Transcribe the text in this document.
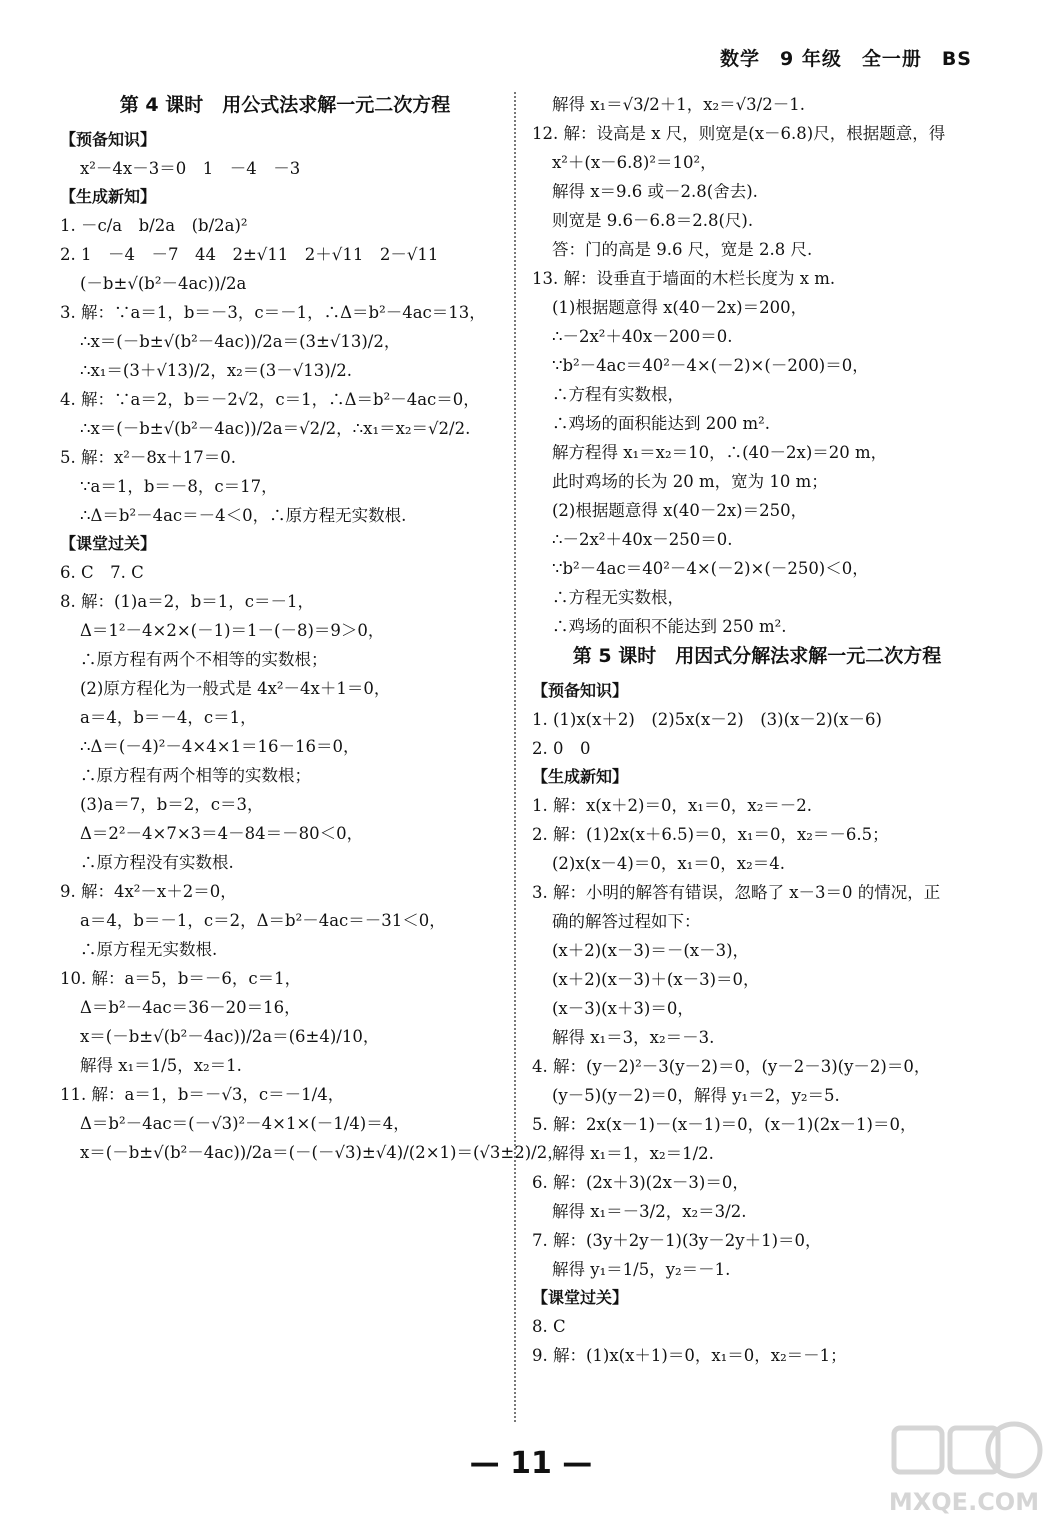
数学　9 年级　全一册　BS
第 4 课时　用公式法求解一元二次方程
【预备知识】
x²－4x－3＝0　1　－4　－3
【生成新知】
1. －c/a　b/2a　(b/2a)²
2. 1　－4　－7　44　2±√11　2＋√11　2－√11
(－b±√(b²－4ac))/2a
3. 解：∵a＝1，b＝－3，c＝－1，∴Δ＝b²－4ac＝13，
∴x＝(－b±√(b²－4ac))/2a＝(3±√13)/2，
∴x₁＝(3＋√13)/2，x₂＝(3－√13)/2.
4. 解：∵a＝2，b＝－2√2，c＝1，∴Δ＝b²－4ac＝0，
∴x＝(－b±√(b²－4ac))/2a＝√2/2，∴x₁＝x₂＝√2/2.
5. 解：x²－8x＋17＝0.
∵a＝1，b＝－8，c＝17，
∴Δ＝b²－4ac＝－4＜0，∴原方程无实数根.
【课堂过关】
6. C　7. C
8. 解：(1)a＝2，b＝1，c＝－1，
Δ＝1²－4×2×(－1)＝1－(－8)＝9＞0，
∴原方程有两个不相等的实数根；
(2)原方程化为一般式是 4x²－4x＋1＝0，
a＝4，b＝－4，c＝1，
∴Δ＝(－4)²－4×4×1＝16－16＝0，
∴原方程有两个相等的实数根；
(3)a＝7，b＝2，c＝3，
Δ＝2²－4×7×3＝4－84＝－80＜0，
∴原方程没有实数根.
9. 解：4x²－x＋2＝0，
a＝4，b＝－1，c＝2，Δ＝b²－4ac＝－31＜0，
∴原方程无实数根.
10. 解：a＝5，b＝－6，c＝1，
Δ＝b²－4ac＝36－20＝16，
x＝(－b±√(b²－4ac))/2a＝(6±4)/10，
解得 x₁＝1/5，x₂＝1.
11. 解：a＝1，b＝－√3，c＝－1/4，
Δ＝b²－4ac＝(－√3)²－4×1×(－1/4)＝4，
x＝(－b±√(b²－4ac))/2a＝(－(－√3)±√4)/(2×1)＝(√3±2)/2，
解得 x₁＝√3/2＋1，x₂＝√3/2－1.
12. 解：设高是 x 尺，则宽是(x－6.8)尺，根据题意，得
x²＋(x－6.8)²＝10²，
解得 x＝9.6 或－2.8(舍去).
则宽是 9.6－6.8＝2.8(尺).
答：门的高是 9.6 尺，宽是 2.8 尺.
13. 解：设垂直于墙面的木栏长度为 x m.
(1)根据题意得 x(40－2x)＝200，
∴－2x²＋40x－200＝0.
∵b²－4ac＝40²－4×(－2)×(－200)＝0，
∴方程有实数根，
∴鸡场的面积能达到 200 m².
解方程得 x₁＝x₂＝10，∴(40－2x)＝20 m，
此时鸡场的长为 20 m，宽为 10 m；
(2)根据题意得 x(40－2x)＝250，
∴－2x²＋40x－250＝0.
∵b²－4ac＝40²－4×(－2)×(－250)＜0，
∴方程无实数根，
∴鸡场的面积不能达到 250 m².
第 5 课时　用因式分解法求解一元二次方程
【预备知识】
1. (1)x(x＋2)　(2)5x(x－2)　(3)(x－2)(x－6)
2. 0　0
【生成新知】
1. 解：x(x＋2)＝0，x₁＝0，x₂＝－2.
2. 解：(1)2x(x＋6.5)＝0，x₁＝0，x₂＝－6.5；
(2)x(x－4)＝0，x₁＝0，x₂＝4.
3. 解：小明的解答有错误，忽略了 x－3＝0 的情况，正
确的解答过程如下：
(x＋2)(x－3)＝－(x－3)，
(x＋2)(x－3)＋(x－3)＝0，
(x－3)(x＋3)＝0，
解得 x₁＝3，x₂＝－3.
4. 解：(y－2)²－3(y－2)＝0，(y－2－3)(y－2)＝0，
(y－5)(y－2)＝0，解得 y₁＝2，y₂＝5.
5. 解：2x(x－1)－(x－1)＝0，(x－1)(2x－1)＝0，
解得 x₁＝1，x₂＝1/2.
6. 解：(2x＋3)(2x－3)＝0，
解得 x₁＝－3/2，x₂＝3/2.
7. 解：(3y＋2y－1)(3y－2y＋1)＝0，
解得 y₁＝1/5，y₂＝－1.
【课堂过关】
8. C
9. 解：(1)x(x＋1)＝0，x₁＝0，x₂＝－1；
— 11 —
MXQE.COM
